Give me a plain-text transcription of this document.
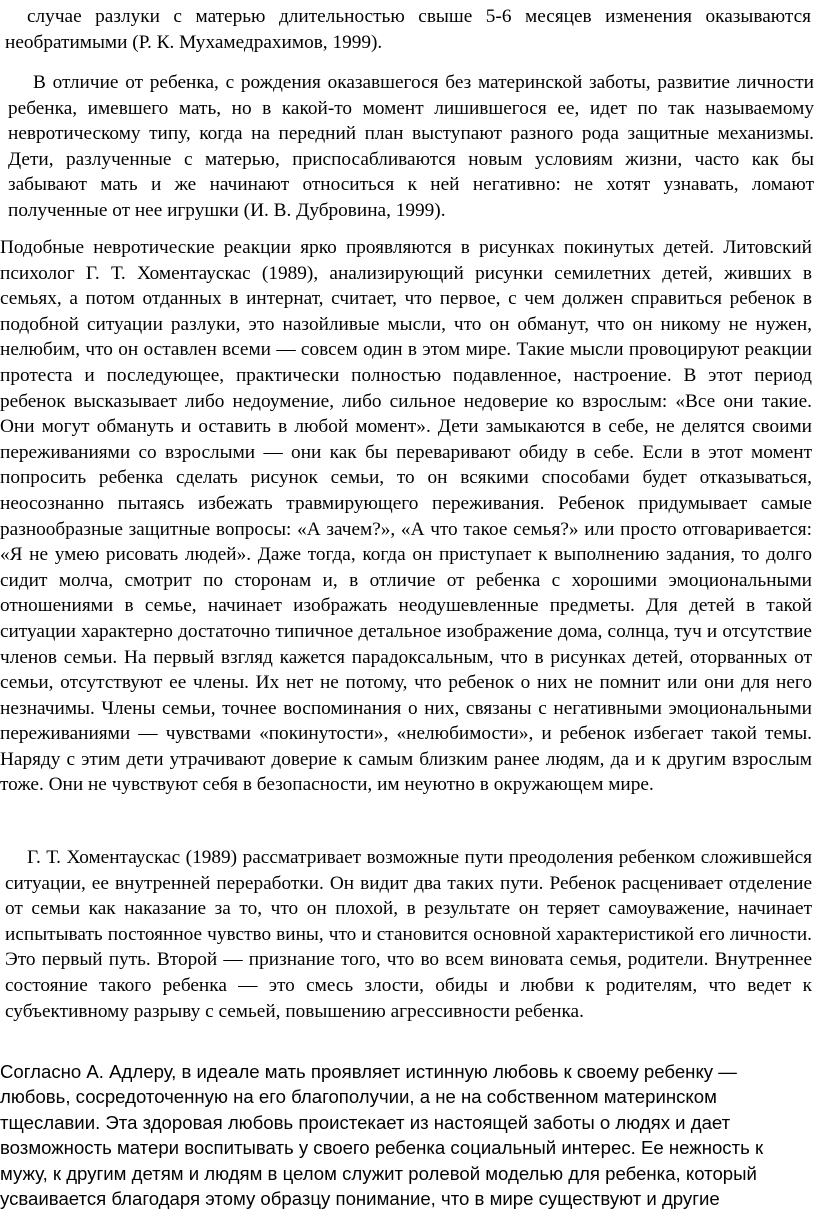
случае разлуки с матерью длительностью свыше 5-6 месяцев изменения оказываются необратимыми (Р. К. Мухамедрахимов, 1999).

В отличие от ребенка, с рождения оказавшегося без материнской заботы, развитие личности ребенка, имевшего мать, но в какой-то момент лишившегося ее, идет по так называемому невротическому типу, когда на передний план выступают разного рода защитные механизмы. Дети, разлученные с матерью, приспосабливаются новым условиям жизни, часто как бы забывают мать и же начинают относиться к ней негативно: не хотят узнавать, ломают полученные от нее игрушки (И. В. Дубровина, 1999).

Подобные невротические реакции ярко проявляются в рисунках покинутых детей. Литовский психолог Г. Т. Хоментаускас (1989), анализирующий рисунки семилетних детей, живших в семьях, а потом отданных в интернат, считает, что первое, с чем должен справиться ребенок в подобной ситуации разлуки, это назойливые мысли, что он обманут, что он никому не нужен, нелюбим, что он оставлен всеми — совсем один в этом мире. Такие мысли провоцируют реакции протеста и последующее, практически полностью подавленное, настроение. В этот период ребенок высказывает либо недоумение, либо сильное недоверие ко взрослым: «Все они такие. Они могут обмануть и оставить в любой момент». Дети замыкаются в себе, не делятся своими переживаниями со взрослыми — они как бы переваривают обиду в себе. Если в этот момент попросить ребенка сделать рисунок семьи, то он всякими способами будет отказываться, неосознанно пытаясь избежать травмирующего переживания. Ребенок придумывает самые разнообразные защитные вопросы: «А зачем?», «А что такое семья?» или просто отговаривается: «Я не умею рисовать людей». Даже тогда, когда он приступает к выполнению задания, то долго сидит молча, смотрит по сторонам и, в отличие от ребенка с хорошими эмоциональными отношениями в семье, начинает изображать неодушевленные предметы. Для детей в такой ситуации характерно достаточно типичное детальное изображение дома, солнца, туч и отсутствие членов семьи. На первый взгляд кажется парадоксальным, что в рисунках детей, оторванных от семьи, отсутствуют ее члены. Их нет не потому, что ребенок о них не помнит или они для него незначимы. Члены семьи, точнее воспоминания о них, связаны с негативными эмоциональными переживаниями — чувствами «покинутости», «нелюбимости», и ребенок избегает такой темы. Наряду с этим дети утрачивают доверие к самым близким ранее людям, да и к другим взрослым тоже. Они не чувствуют себя в безопасности, им неуютно в окружающем мире.

Г. Т. Хоментаускас (1989) рассматривает возможные пути преодоления ребенком сложившейся ситуации, ее внутренней переработки. Он видит два таких пути. Ребенок расценивает отделение от семьи как наказание за то, что он плохой, в результате он теряет самоуважение, начинает испытывать постоянное чувство вины, что и становится основной характеристикой его личности. Это первый путь. Второй — признание того, что во всем виновата семья, родители. Внутреннее состояние такого ребенка — это смесь злости, обиды и любви к родителям, что ведет к субъективному разрыву с семьей, повышению агрессивности ребенка.

Согласно А. Адлеру, в идеале мать проявляет истинную любовь к своему ребенку — любовь, сосредоточенную на его благополучии, а не на собственном материнском тщеславии. Эта здоровая любовь проистекает из настоящей заботы о людях и дает возможность матери воспитывать у своего ребенка социальный интерес. Ее нежность к мужу, к другим детям и людям в целом служит ролевой моделью для ребенка, который усваивается благодаря этому образцу понимание, что в мире существуют и другие
